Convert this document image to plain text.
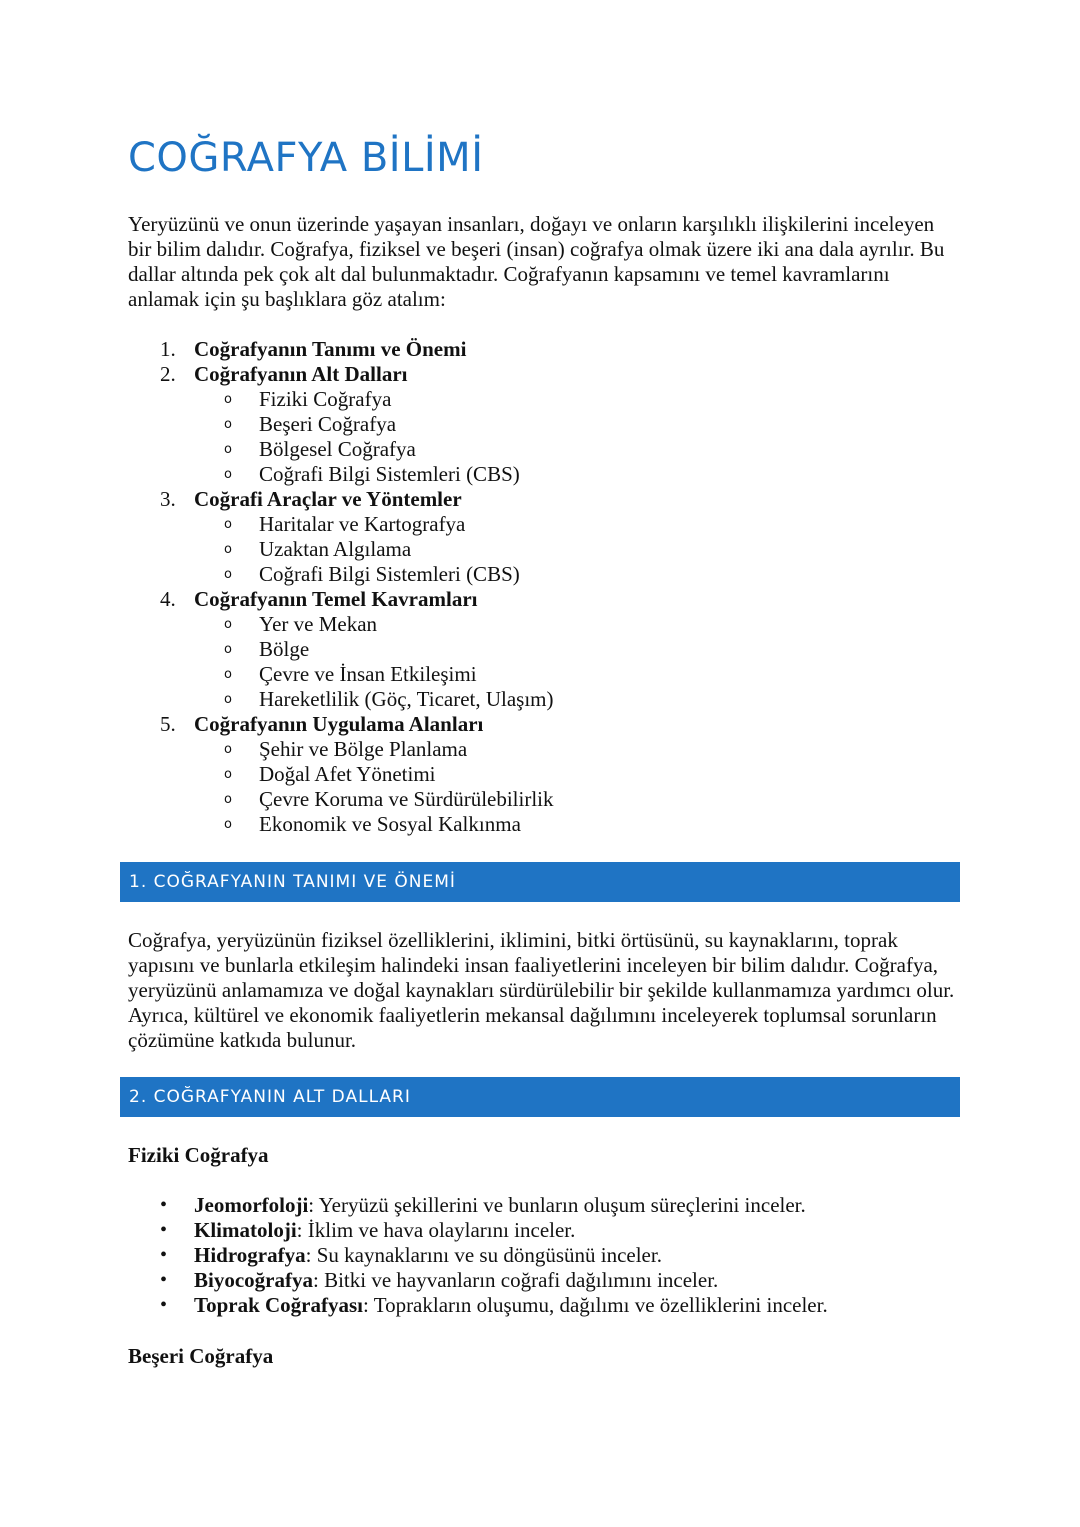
COĞRAFYA BİLİMİ

Yeryüzünü ve onun üzerinde yaşayan insanları, doğayı ve onların karşılıklı ilişkilerini inceleyen bir bilim dalıdır. Coğrafya, fiziksel ve beşeri (insan) coğrafya olmak üzere iki ana dala ayrılır. Bu dallar altında pek çok alt dal bulunmaktadır. Coğrafyanın kapsamını ve temel kavramlarını anlamak için şu başlıklara göz atalım:

1. Coğrafyanın Tanımı ve Önemi
2. Coğrafyanın Alt Dalları
o	Fiziki Coğrafya
o	Beşeri Coğrafya
o	Bölgesel Coğrafya
o	Coğrafi Bilgi Sistemleri (CBS)
3. Coğrafi Araçlar ve Yöntemler
o	Haritalar ve Kartografya
o	Uzaktan Algılama
o	Coğrafi Bilgi Sistemleri (CBS)
4. Coğrafyanın Temel Kavramları
o	Yer ve Mekan
o	Bölge
o	Çevre ve İnsan Etkileşimi
o	Hareketlilik (Göç, Ticaret, Ulaşım)
5. Coğrafyanın Uygulama Alanları
o	Şehir ve Bölge Planlama
o	Doğal Afet Yönetimi
o	Çevre Koruma ve Sürdürülebilirlik
o	Ekonomik ve Sosyal Kalkınma
1. COĞRAFYANIN TANIMI VE ÖNEMİ

Coğrafya, yeryüzünün fiziksel özelliklerini, iklimini, bitki örtüsünü, su kaynaklarını, toprak yapısını ve bunlarla etkileşim halindeki insan faaliyetlerini inceleyen bir bilim dalıdır. Coğrafya, yeryüzünü anlamamıza ve doğal kaynakları sürdürülebilir bir şekilde kullanmamıza yardımcı olur. Ayrıca, kültürel ve ekonomik faaliyetlerin mekansal dağılımını inceleyerek toplumsal sorunların çözümüne katkıda bulunur.

2. COĞRAFYANIN ALT DALLARI

Fiziki Coğrafya

•	Jeomorfoloji: Yeryüzü şekillerini ve bunların oluşum süreçlerini inceler.
•	Klimatoloji: İklim ve hava olaylarını inceler.
•	Hidrografya: Su kaynaklarını ve su döngüsünü inceler.
•	Biyocoğrafya: Bitki ve hayvanların coğrafi dağılımını inceler.
•	Toprak Coğrafyası: Toprakların oluşumu, dağılımı ve özelliklerini inceler.

Beşeri Coğrafya
